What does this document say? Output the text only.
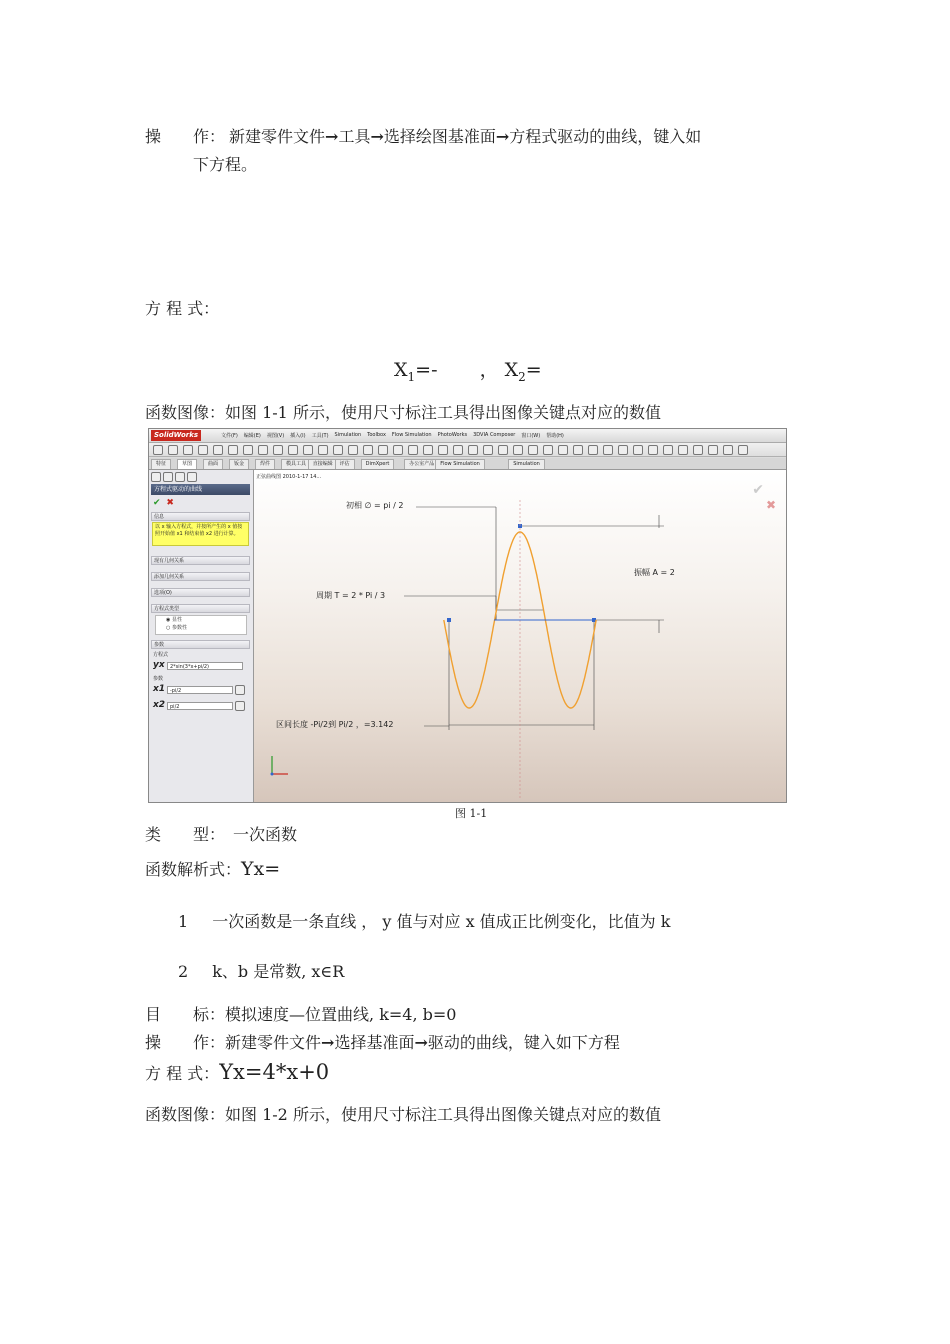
操　　作： 新建零件文件→工具→选择绘图基准面→方程式驱动的曲线，键入如
下方程。
方 程 式：
$X_1=-$ ， $X_2=$
函数图像：如图 1-1 所示，使用尺寸标注工具得出图像关键点对应的数值
SolidWorks	文件(F) 编辑(E) 视图(V) 插入(I) 工具(T) Simulation Toolbox Flow Simulation PhotoWorks 3DVIA Composer 窗口(W) 帮助(H)
特征	草图	曲面	钣金	焊件	模具工具	直接编辑	评估	DimXpert	办公室产品	Flow Simulation	Simulation
方程式驱动的曲线
✔ ✖
信息
以 x 输入方程式，并按所产生的 x 值按照开始值 x1 和结束值 x2 进行计算。
现有几何关系
添加几何关系
选项(O)
方程式类型
◉ 显性
○ 参数性
参数
方程式
yx	2*sin(3*x+pi/2)
参数
x1 -pi/2
x2 pi/2
正弦曲线图 2010-1-17 14...
✔
✖
初相 ∅ = pi / 2
振幅 A = 2
周期 T = 2 * Pi / 3
区间长度 -Pi/2到 Pi/2 ，=3.142
图 1-1
类　　型： 一次函数
函数解析式：Yx=
1 一次函数是一条直线 ， y 值与对应 x 值成正比例变化，比值为 k
2 k、b 是常数, x∈R
目　　标：模拟速度—位置曲线, k=4, b=0
操　　作：新建零件文件→选择基准面→驱动的曲线，键入如下方程
方 程 式：Yx=4*x+0
函数图像：如图 1-2 所示，使用尺寸标注工具得出图像关键点对应的数值
